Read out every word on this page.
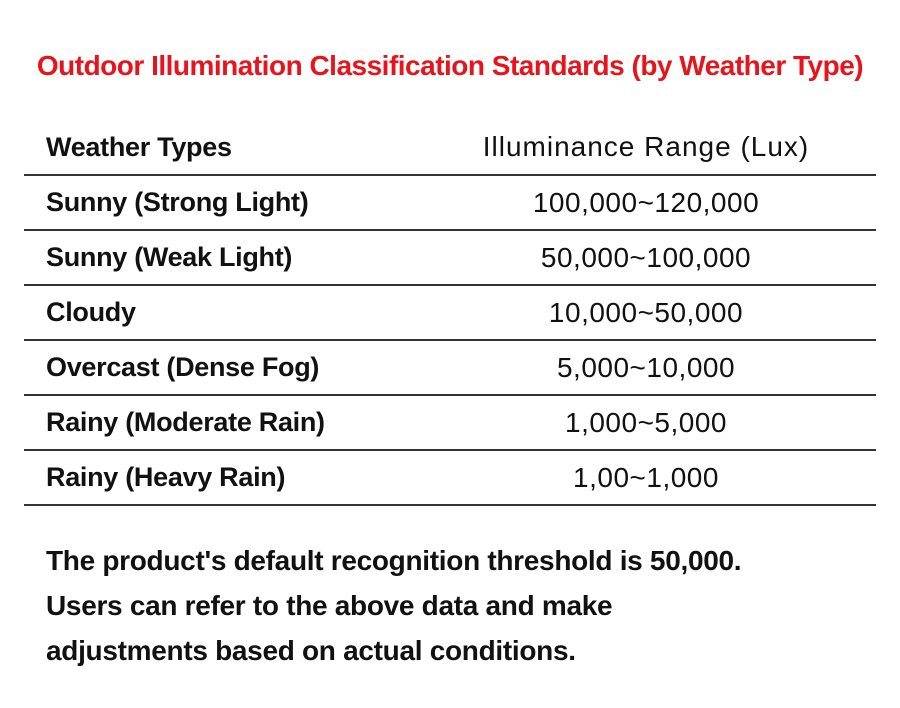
Outdoor Illumination Classification Standards (by Weather Type)
Weather Types	Illuminance Range (Lux)
Sunny (Strong Light)	100,000~120,000
Sunny (Weak Light)	50,000~100,000
Cloudy	10,000~50,000
Overcast (Dense Fog)	5,000~10,000
Rainy (Moderate Rain)	1,000~5,000
Rainy (Heavy Rain)	1,00~1,000
The product's default recognition threshold is 50,000.
Users can refer to the above data and make
adjustments based on actual conditions.
